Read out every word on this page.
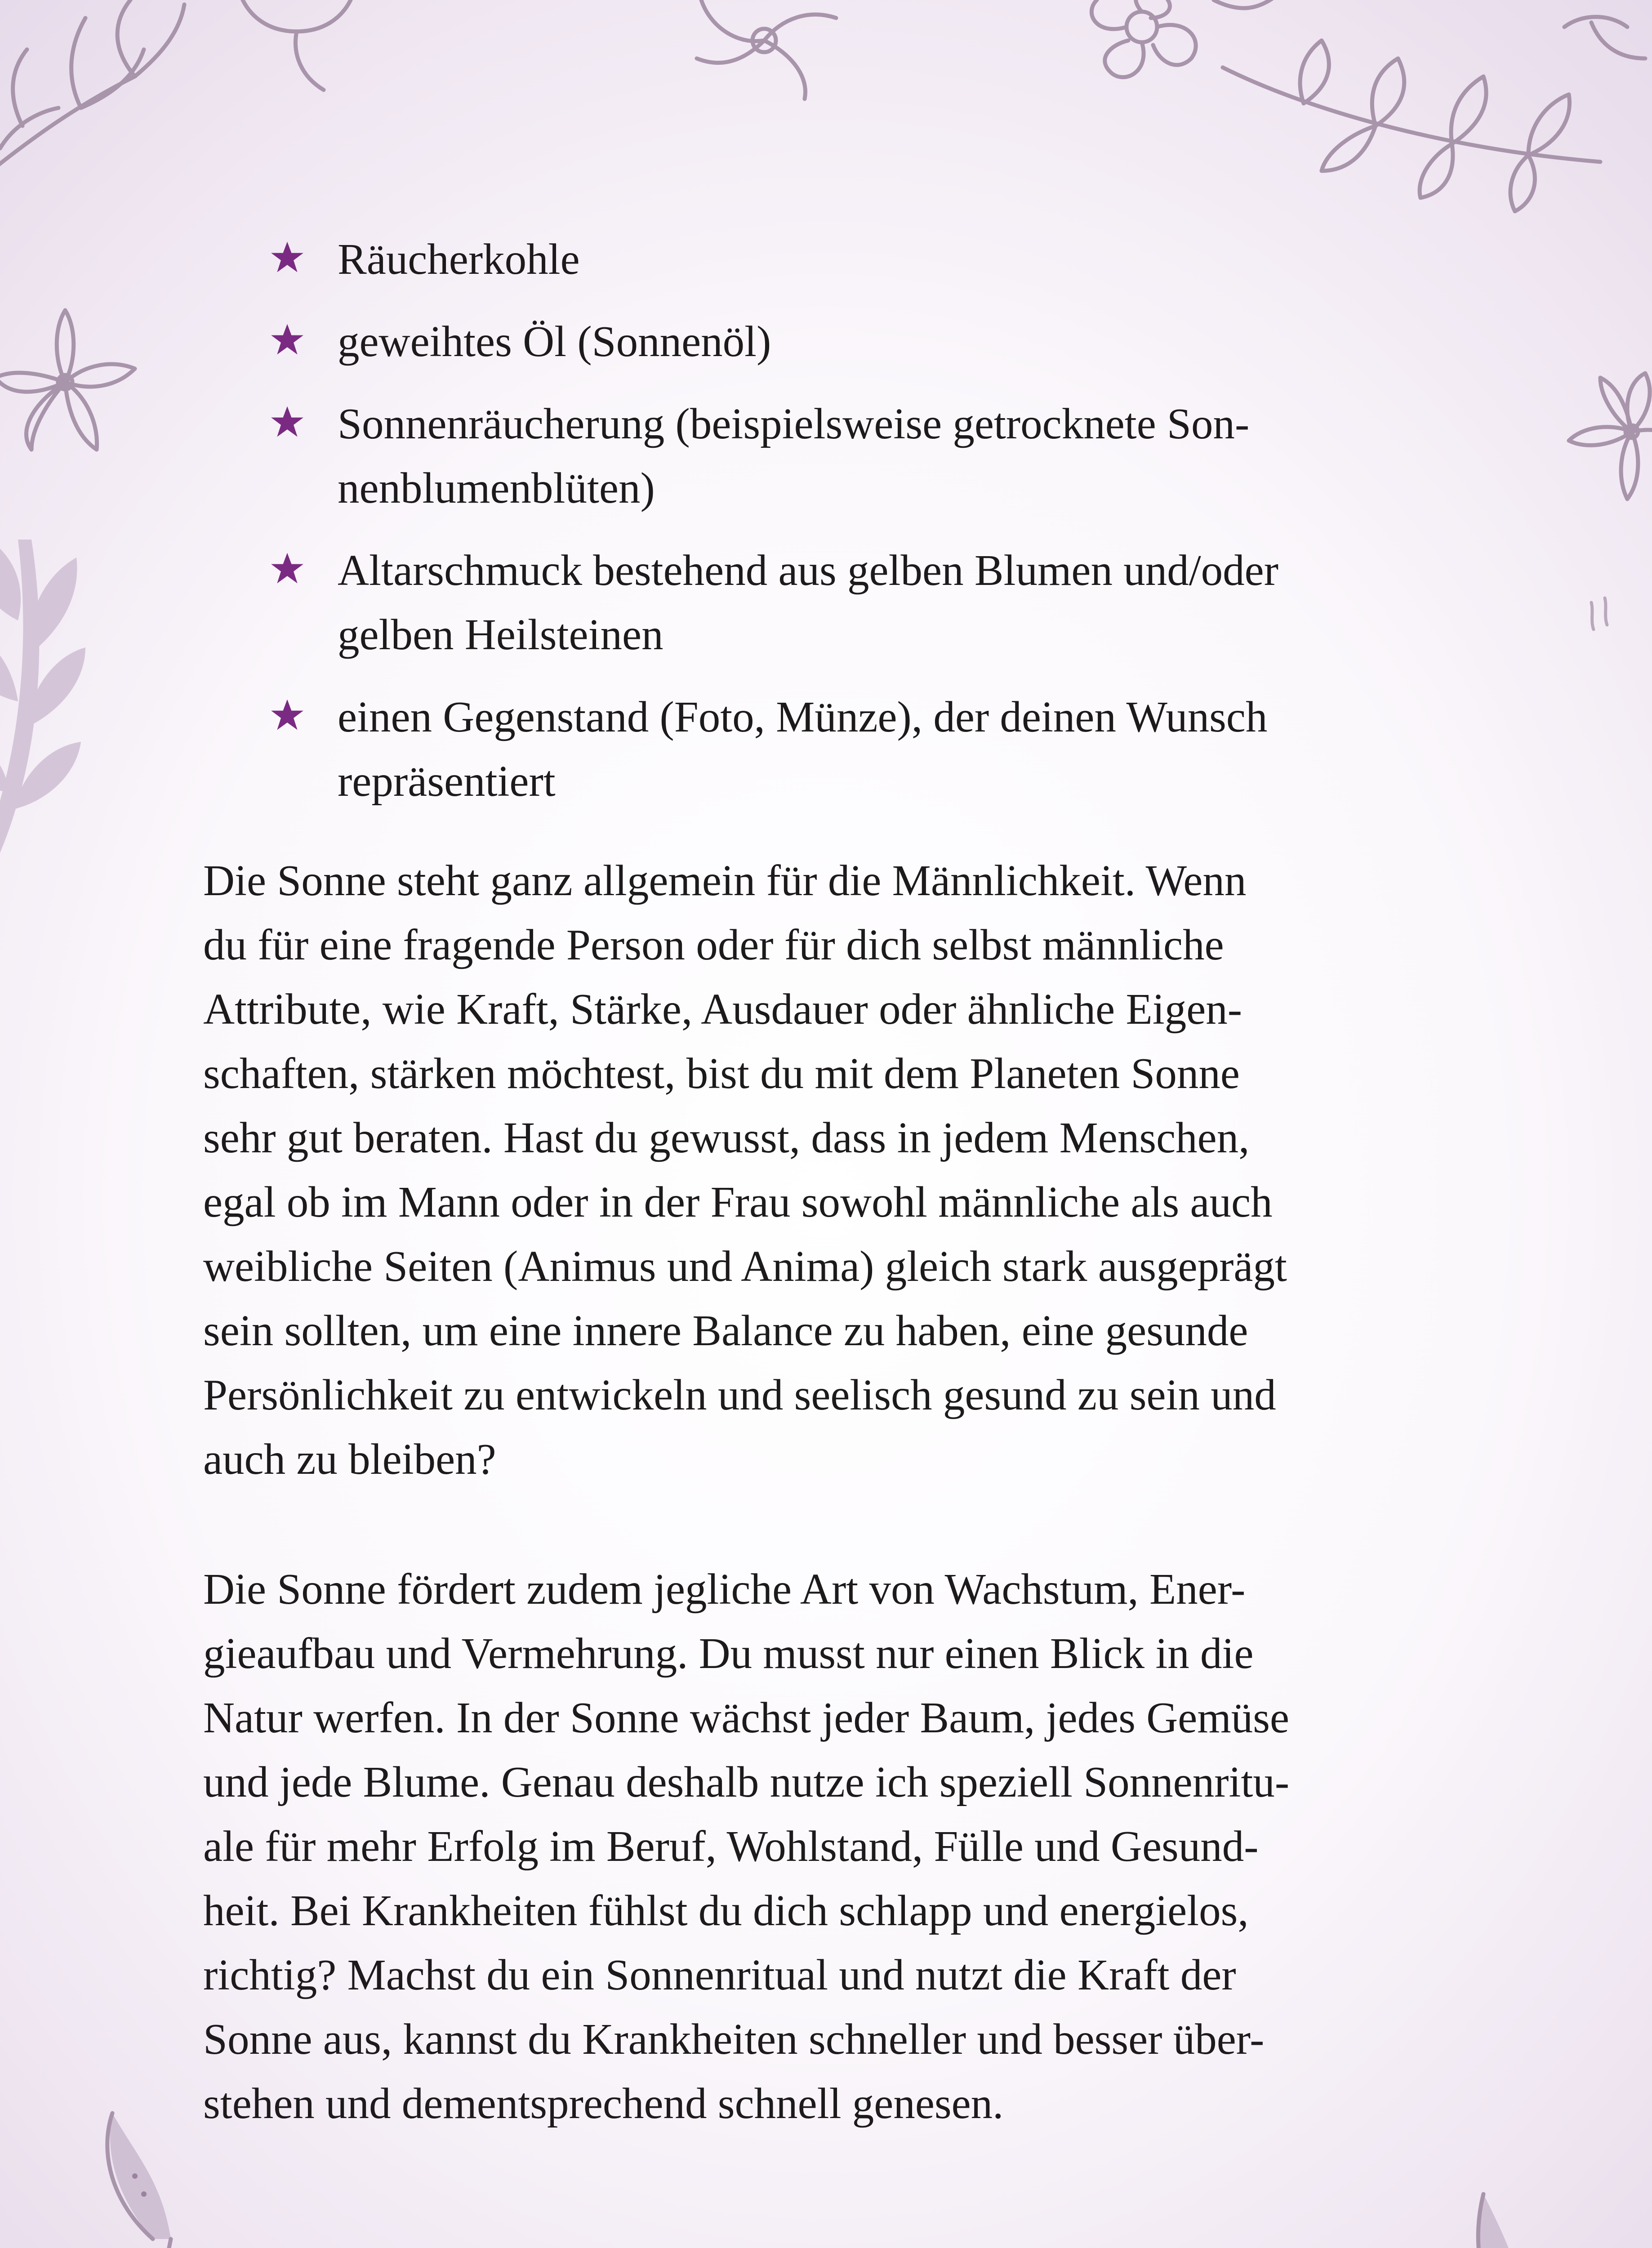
Räucherkohle
geweihtes Öl (Sonnenöl)
Sonnenräucherung (beispielsweise getrocknete Son-
nenblumenblüten)
Altarschmuck bestehend aus gelben Blumen und/oder
gelben Heilsteinen
einen Gegenstand (Foto, Münze), der deinen Wunsch
repräsentiert

Die Sonne steht ganz allgemein für die Männlichkeit. Wenn
du für eine fragende Person oder für dich selbst männliche
Attribute, wie Kraft, Stärke, Ausdauer oder ähnliche Eigen-
schaften, stärken möchtest, bist du mit dem Planeten Sonne
sehr gut beraten. Hast du gewusst, dass in jedem Menschen,
egal ob im Mann oder in der Frau sowohl männliche als auch
weibliche Seiten (Animus und Anima) gleich stark ausgeprägt
sein sollten, um eine innere Balance zu haben, eine gesunde
Persönlichkeit zu entwickeln und seelisch gesund zu sein und
auch zu bleiben?

Die Sonne fördert zudem jegliche Art von Wachstum, Ener-
gieaufbau und Vermehrung. Du musst nur einen Blick in die
Natur werfen. In der Sonne wächst jeder Baum, jedes Gemüse
und jede Blume. Genau deshalb nutze ich speziell Sonnenritu-
ale für mehr Erfolg im Beruf, Wohlstand, Fülle und Gesund-
heit. Bei Krankheiten fühlst du dich schlapp und energielos,
richtig? Machst du ein Sonnenritual und nutzt die Kraft der
Sonne aus, kannst du Krankheiten schneller und besser über-
stehen und dementsprechend schnell genesen.
